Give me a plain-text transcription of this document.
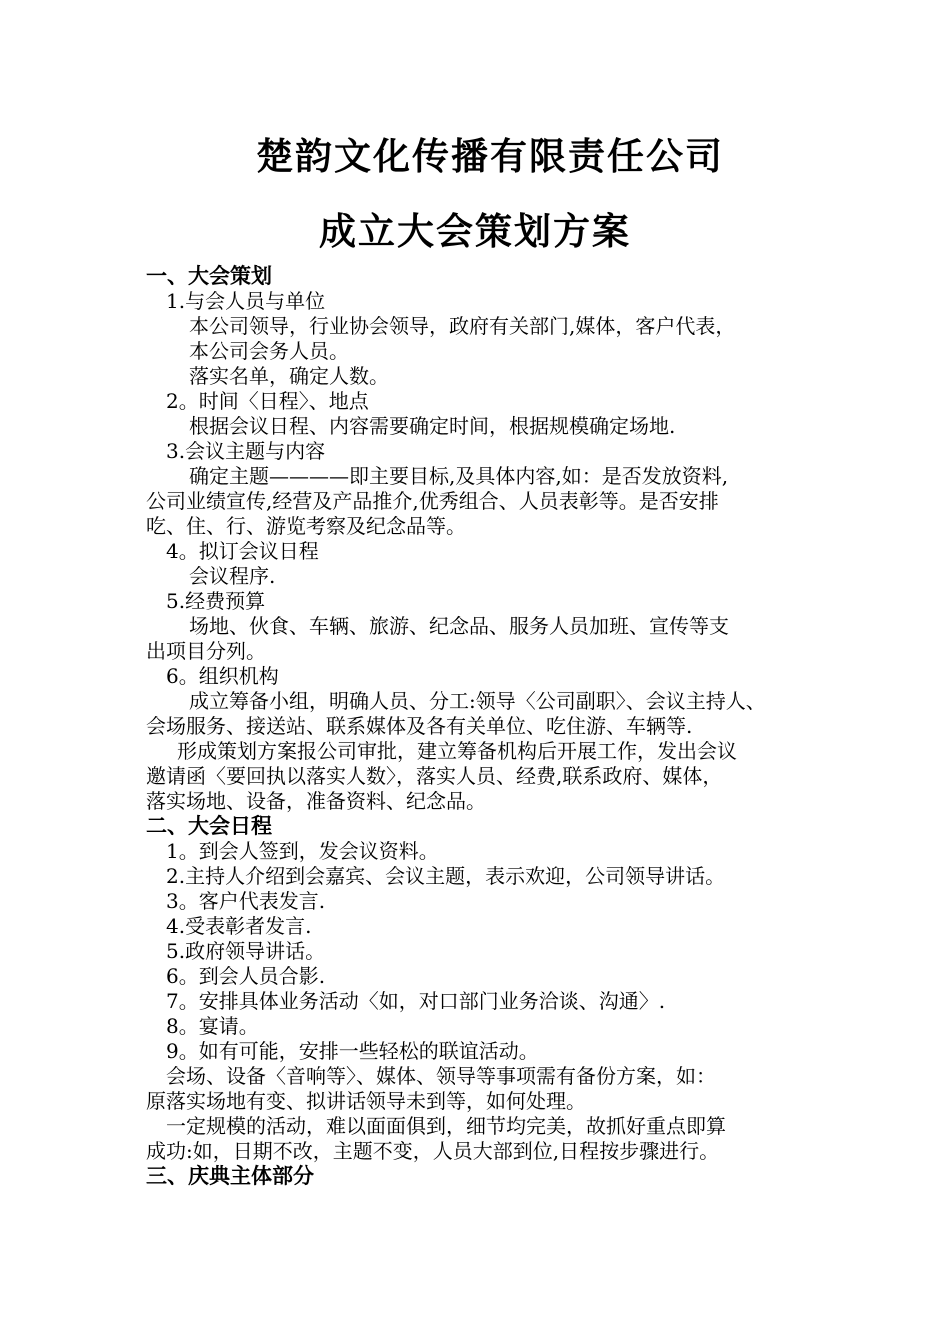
楚韵文化传播有限责任公司
成立大会策划方案
一、大会策划
1.与会人员与单位
本公司领导，行业协会领导，政府有关部门,媒体，客户代表，
本公司会务人员。
落实名单，确定人数。
2。时间〈日程〉、地点
根据会议日程、内容需要确定时间，根据规模确定场地.
3.会议主题与内容
确定主题————即主要目标,及具体内容,如：是否发放资料,
公司业绩宣传,经营及产品推介,优秀组合、人员表彰等。是否安排
吃、住、行、游览考察及纪念品等。
4。拟订会议日程
会议程序.
5.经费预算
场地、伙食、车辆、旅游、纪念品、服务人员加班、宣传等支
出项目分列。
6。组织机构
成立筹备小组，明确人员、分工:领导〈公司副职〉、会议主持人、
会场服务、接送站、联系媒体及各有关单位、吃住游、车辆等.
形成策划方案报公司审批，建立筹备机构后开展工作，发出会议
邀请函〈要回执以落实人数〉，落实人员、经费,联系政府、媒体，
落实场地、设备，准备资料、纪念品。
二、大会日程
1。到会人签到，发会议资料。
2.主持人介绍到会嘉宾、会议主题，表示欢迎，公司领导讲话。
3。客户代表发言.
4.受表彰者发言.
5.政府领导讲话。
6。到会人员合影.
7。安排具体业务活动〈如，对口部门业务洽谈、沟通〉.
8。宴请。
9。如有可能，安排一些轻松的联谊活动。
会场、设备〈音响等〉、媒体、领导等事项需有备份方案，如：
原落实场地有变、拟讲话领导未到等，如何处理。
一定规模的活动，难以面面俱到，细节均完美，故抓好重点即算
成功:如，日期不改，主题不变，人员大部到位,日程按步骤进行。
三、庆典主体部分
